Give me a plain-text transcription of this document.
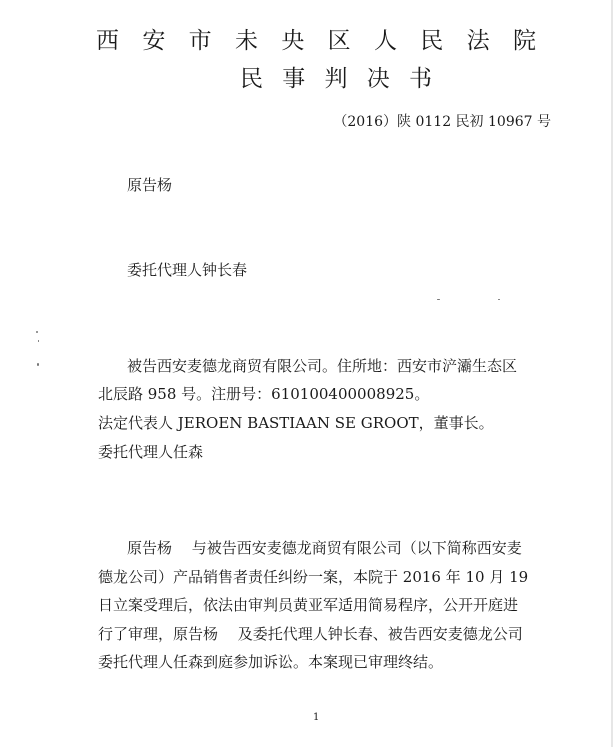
西 安 市 未 央 区 人 民 法 院
民 事 判 决 书
（2016）陕 0112 民初 10967 号
原告杨
委托代理人钟长春
被告西安麦德龙商贸有限公司。住所地：西安市浐灞生态区
北辰路 958 号。注册号：610100400008925。
法定代表人 JEROEN BASTIAAN SE GROOT，董事长。
委托代理人任森
原告杨　 与被告西安麦德龙商贸有限公司（以下简称西安麦
德龙公司）产品销售者责任纠纷一案，本院于 2016 年 10 月 19
日立案受理后，依法由审判员黄亚军适用简易程序，公开开庭进
行了审理，原告杨　 及委托代理人钟长春、被告西安麦德龙公司
委托代理人任森到庭参加诉讼。本案现已审理终结。
1
